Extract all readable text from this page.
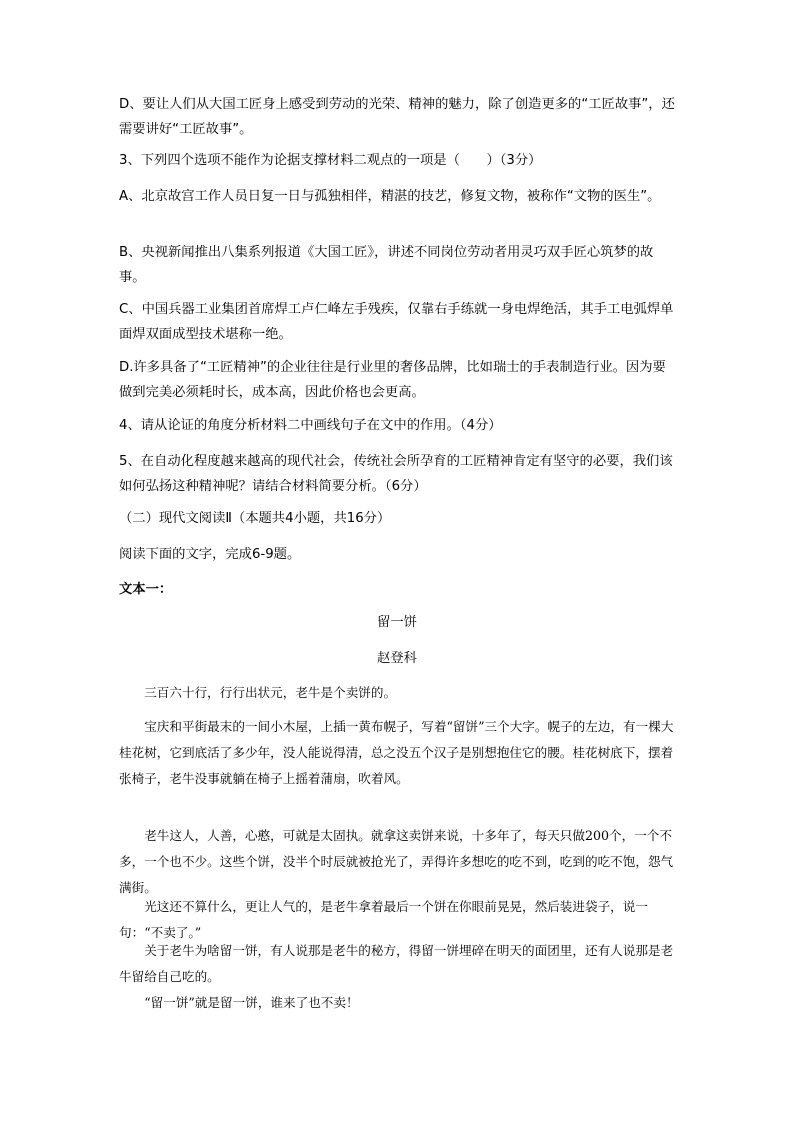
D、要让人们从大国工匠身上感受到劳动的光荣、精神的魅力，除了创造更多的“工匠故事”，还需要讲好“工匠故事”。

3、下列四个选项不能作为论据支撑材料二观点的一项是（　　）（3分）

A、北京故宫工作人员日复一日与孤独相伴，精湛的技艺，修复文物，被称作“文物的医生”。

B、央视新闻推出八集系列报道《大国工匠》，讲述不同岗位劳动者用灵巧双手匠心筑梦的故事。

C、中国兵器工业集团首席焊工卢仁峰左手残疾，仅靠右手练就一身电焊绝活，其手工电弧焊单面焊双面成型技术堪称一绝。

D.许多具备了“工匠精神”的企业往往是行业里的奢侈品牌，比如瑞士的手表制造行业。因为要做到完美必须耗时长，成本高，因此价格也会更高。

4、请从论证的角度分析材料二中画线句子在文中的作用。（4分）

5、在自动化程度越来越高的现代社会，传统社会所孕育的工匠精神肯定有坚守的必要，我们该如何弘扬这种精神呢？请结合材料简要分析。（6分）

（二）现代文阅读Ⅱ（本题共4小题，共16分）

阅读下面的文字，完成6-9题。

文本一：

留一饼

赵登科

三百六十行，行行出状元，老牛是个卖饼的。

宝庆和平街最末的一间小木屋，上插一黄布幌子，写着“留饼”三个大字。幌子的左边，有一棵大桂花树，它到底活了多少年，没人能说得清，总之没五个汉子是别想抱住它的腰。桂花树底下，摆着张椅子，老牛没事就躺在椅子上摇着蒲扇，吹着风。

老牛这人，人善，心憨，可就是太固执。就拿这卖饼来说，十多年了，每天只做200个，一个不多，一个也不少。这些个饼，没半个时辰就被抢光了，弄得许多想吃的吃不到，吃到的吃不饱，怨气满街。

光这还不算什么，更让人气的，是老牛拿着最后一个饼在你眼前晃晃，然后装进袋子，说一句：“不卖了。”

关于老牛为啥留一饼，有人说那是老牛的秘方，得留一饼埋碎在明天的面团里，还有人说那是老牛留给自己吃的。

“留一饼”就是留一饼，谁来了也不卖！
